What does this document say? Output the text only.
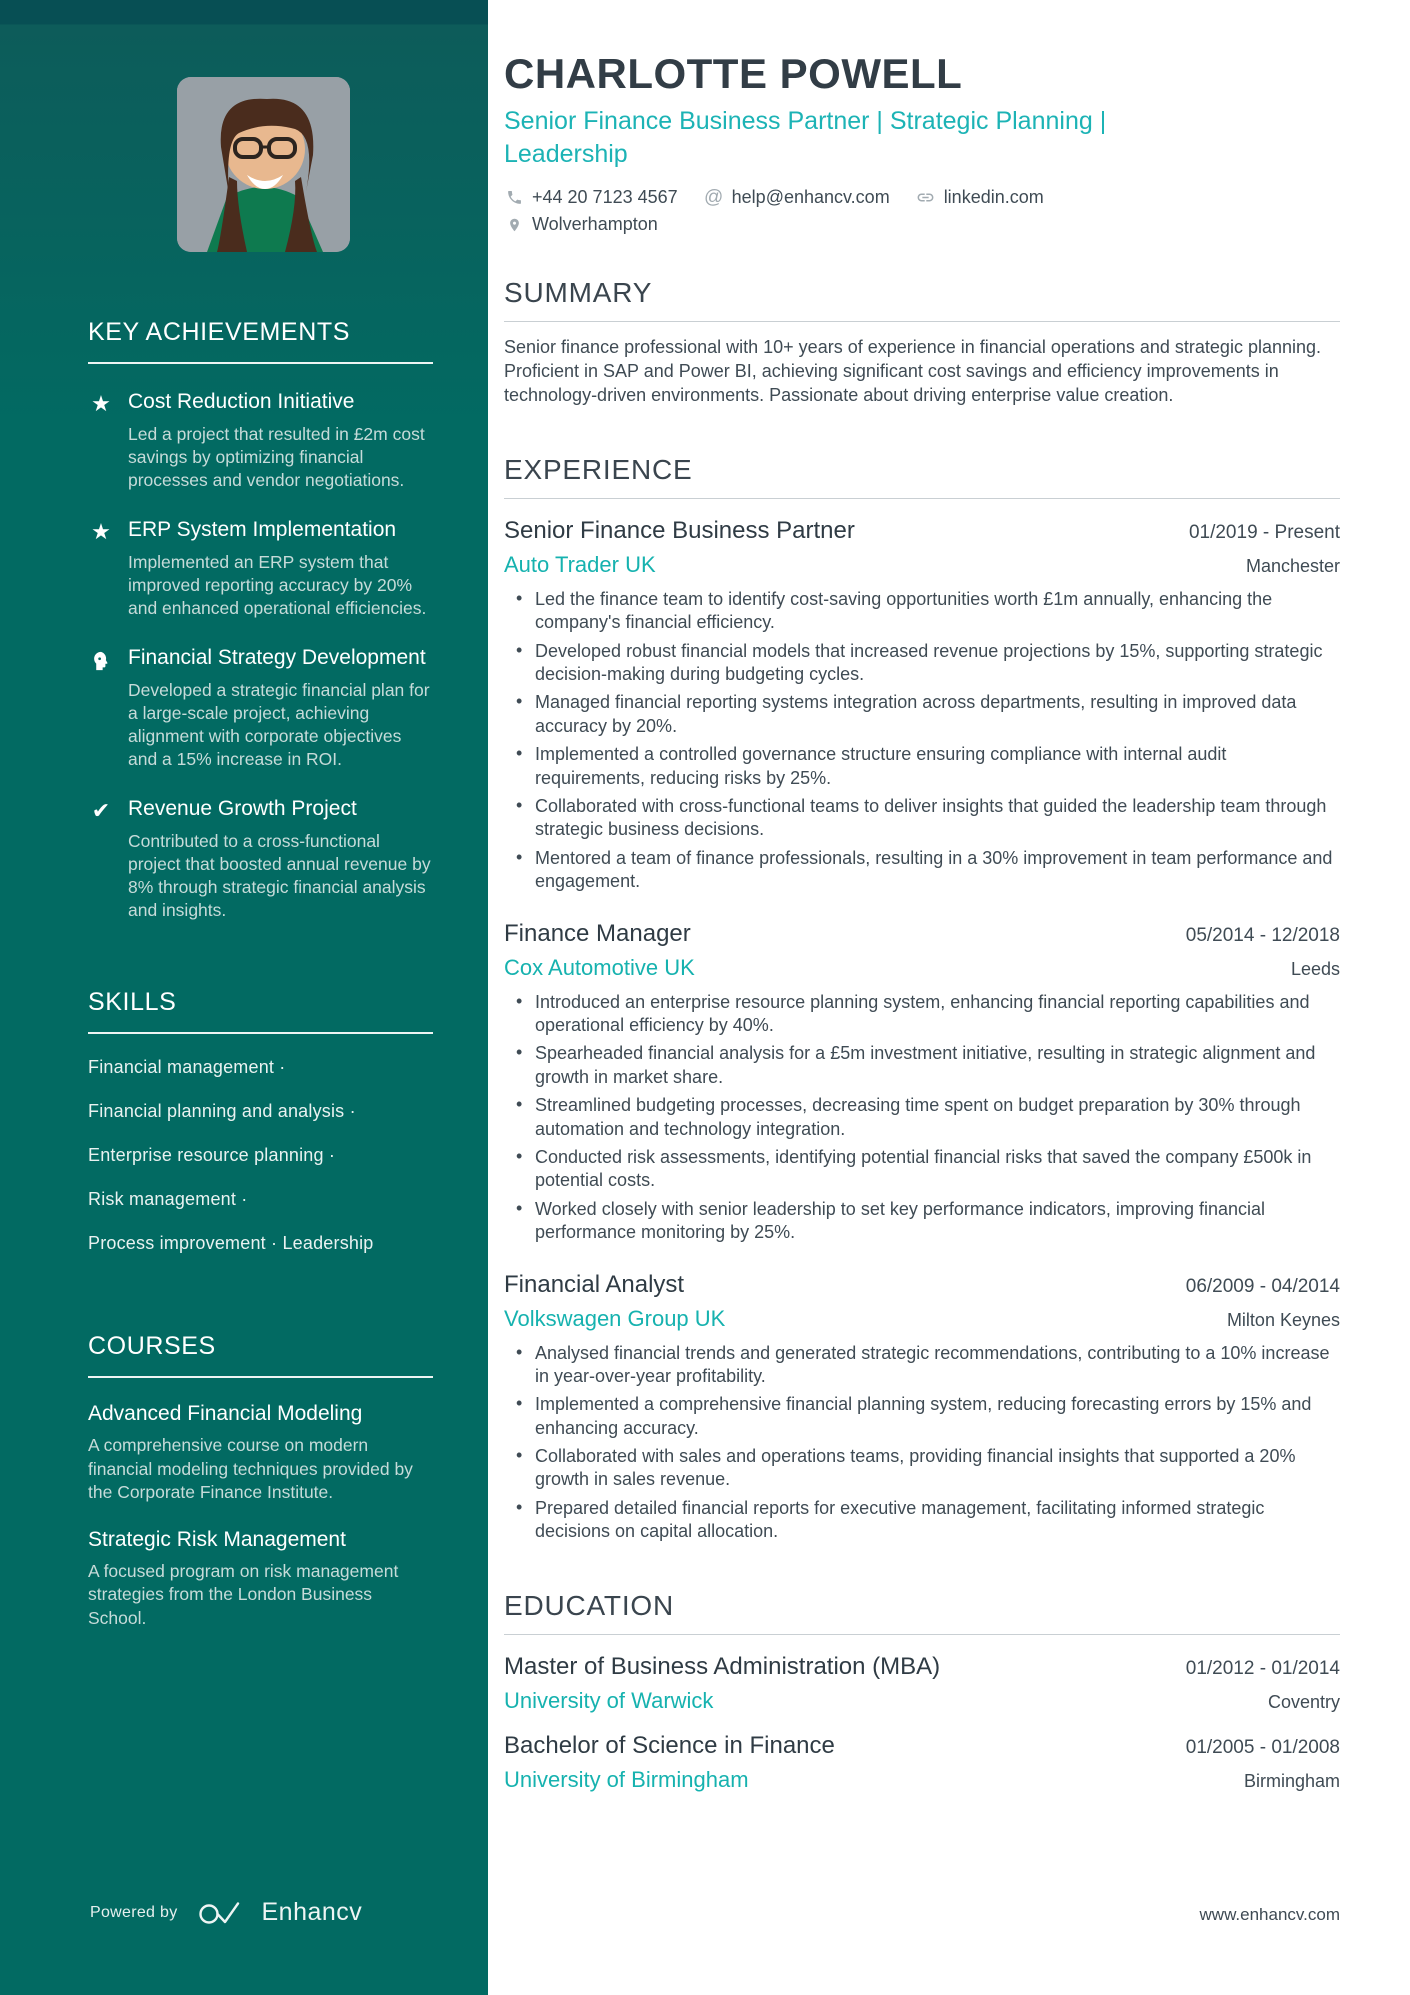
KEY ACHIEVEMENTS
★ Cost Reduction Initiative
Led a project that resulted in £2m cost savings by optimizing financial processes and vendor negotiations.
★ ERP System Implementation
Implemented an ERP system that improved reporting accuracy by 20% and enhanced operational efficiencies.
Financial Strategy Development
Developed a strategic financial plan for a large-scale project, achieving alignment with corporate objectives and a 15% increase in ROI.
✔ Revenue Growth Project
Contributed to a cross-functional project that boosted annual revenue by 8% through strategic financial analysis and insights.
SKILLS
Financial management ·
Financial planning and analysis ·
Enterprise resource planning ·
Risk management ·
Process improvement · Leadership
COURSES
Advanced Financial Modeling
A comprehensive course on modern financial modeling techniques provided by the Corporate Finance Institute.
Strategic Risk Management
A focused program on risk management strategies from the London Business School.
Powered by	Enhancv
CHARLOTTE POWELL
Senior Finance Business Partner | Strategic Planning | Leadership
+44 20 7123 4567 @ help@enhancv.com	linkedin.com
Wolverhampton
SUMMARY

Senior finance professional with 10+ years of experience in financial operations and strategic planning. Proficient in SAP and Power BI, achieving significant cost savings and efficiency improvements in technology-driven environments. Passionate about driving enterprise value creation.

EXPERIENCE
Senior Finance Business Partner	01/2019 - Present
Auto Trader UK	Manchester
• Led the finance team to identify cost-saving opportunities worth £1m annually, enhancing the company's financial efficiency.
• Developed robust financial models that increased revenue projections by 15%, supporting strategic decision-making during budgeting cycles.
• Managed financial reporting systems integration across departments, resulting in improved data accuracy by 20%.
• Implemented a controlled governance structure ensuring compliance with internal audit requirements, reducing risks by 25%.
• Collaborated with cross-functional teams to deliver insights that guided the leadership team through strategic business decisions.
• Mentored a team of finance professionals, resulting in a 30% improvement in team performance and engagement.
Finance Manager	05/2014 - 12/2018
Cox Automotive UK	Leeds
• Introduced an enterprise resource planning system, enhancing financial reporting capabilities and operational efficiency by 40%.
• Spearheaded financial analysis for a £5m investment initiative, resulting in strategic alignment and growth in market share.
• Streamlined budgeting processes, decreasing time spent on budget preparation by 30% through automation and technology integration.
• Conducted risk assessments, identifying potential financial risks that saved the company £500k in potential costs.
• Worked closely with senior leadership to set key performance indicators, improving financial performance monitoring by 25%.
Financial Analyst	06/2009 - 04/2014
Volkswagen Group UK	Milton Keynes
• Analysed financial trends and generated strategic recommendations, contributing to a 10% increase in year-over-year profitability.
• Implemented a comprehensive financial planning system, reducing forecasting errors by 15% and enhancing accuracy.
• Collaborated with sales and operations teams, providing financial insights that supported a 20% growth in sales revenue.
• Prepared detailed financial reports for executive management, facilitating informed strategic decisions on capital allocation.
EDUCATION
Master of Business Administration (MBA)	01/2012 - 01/2014
University of Warwick	Coventry
Bachelor of Science in Finance	01/2005 - 01/2008
University of Birmingham	Birmingham
www.enhancv.com
